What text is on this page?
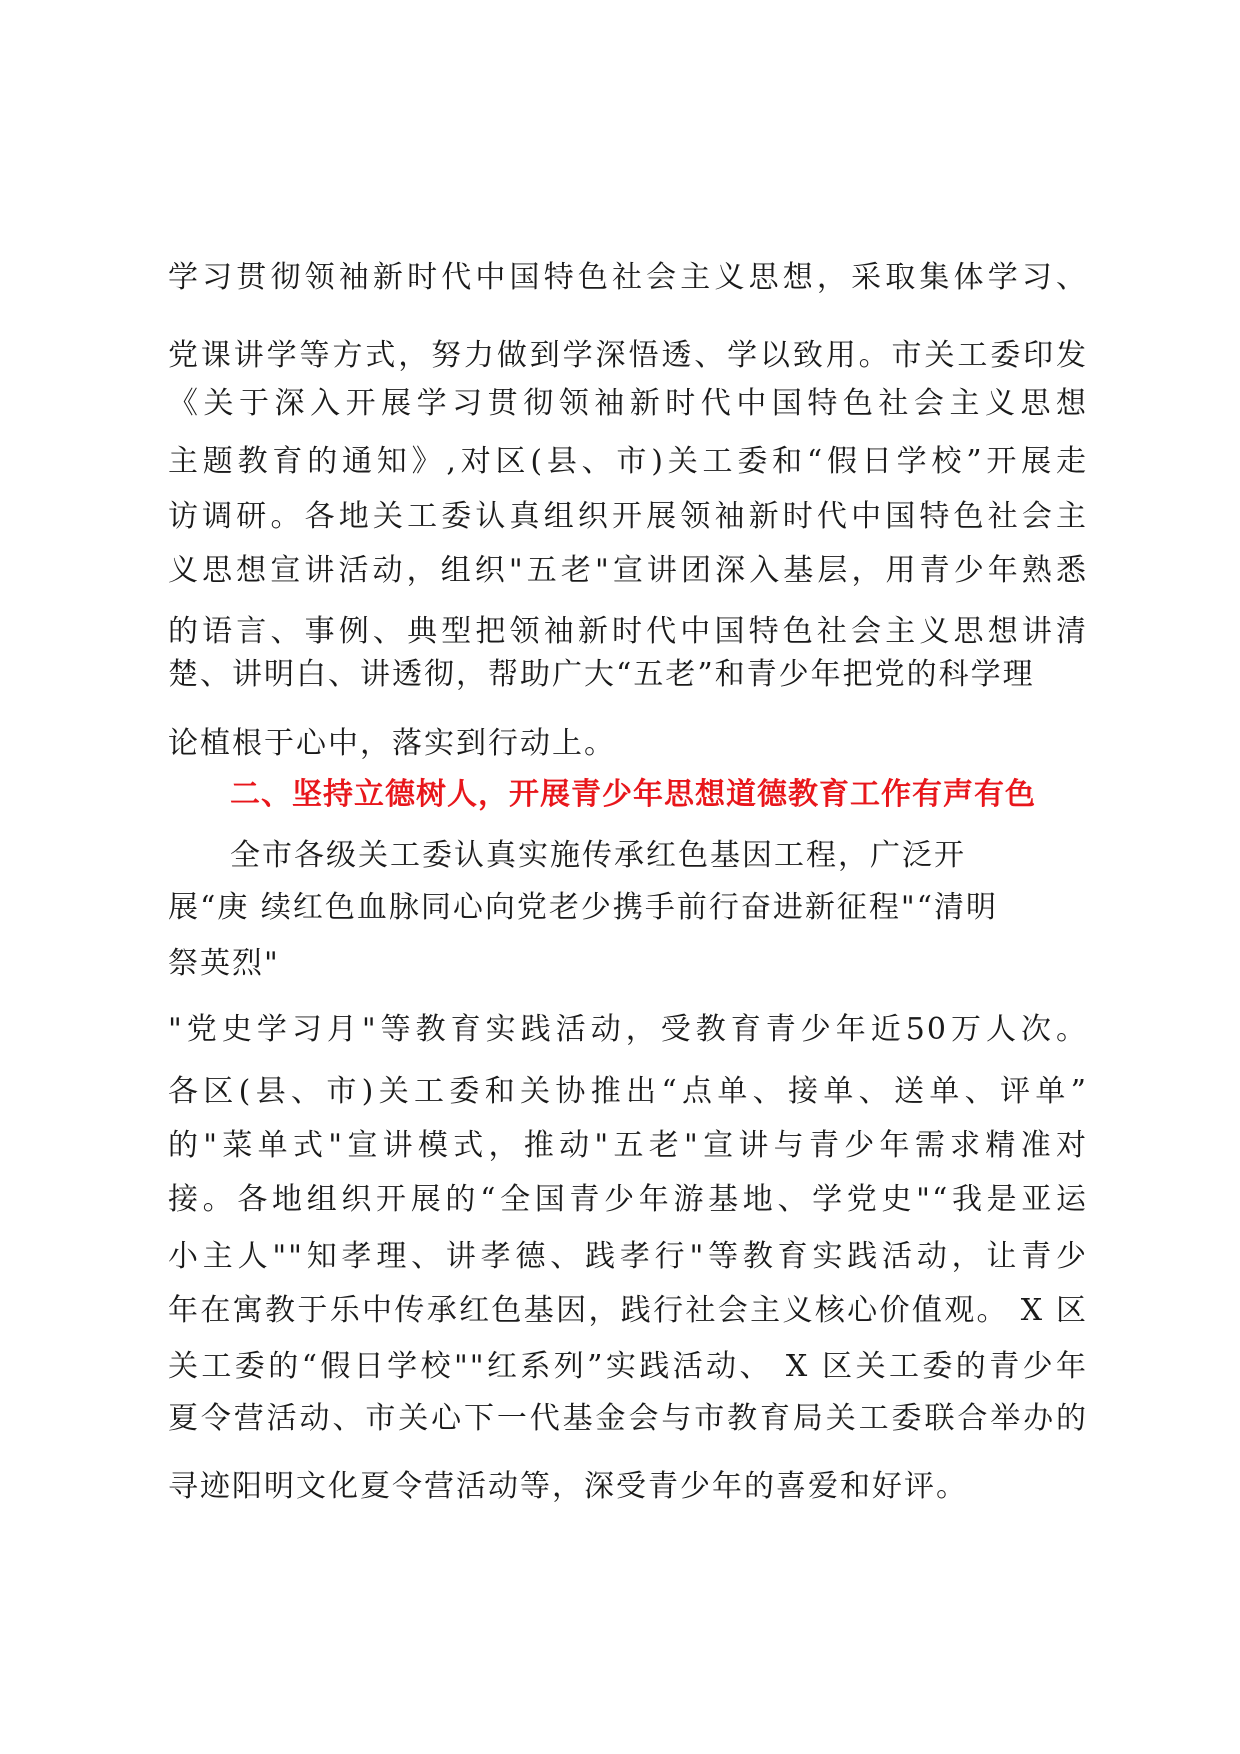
学习贯彻领袖新时代中国特色社会主义思想，采取集体学习、
党课讲学等方式，努力做到学深悟透、学以致用。市关工委印发
《关于深入开展学习贯彻领袖新时代中国特色社会主义思想
主题教育的通知》,对区(县、市)关工委和“假日学校”开展走
访调研。各地关工委认真组织开展领袖新时代中国特色社会主
义思想宣讲活动，组织"五老"宣讲团深入基层，用青少年熟悉
的语言、事例、典型把领袖新时代中国特色社会主义思想讲清
楚、讲明白、讲透彻，帮助广大“五老”和青少年把党的科学理
论植根于心中，落实到行动上。
二、坚持立德树人，开展青少年思想道德教育工作有声有色
全市各级关工委认真实施传承红色基因工程，广泛开
展“庚 续红色血脉同心向党老少携手前行奋进新征程"“清明
祭英烈"
"党史学习月"等教育实践活动，受教育青少年近50万人次。
各区(县、市)关工委和关协推出“点单、接单、送单、评单”
的"菜单式"宣讲模式，推动"五老"宣讲与青少年需求精准对
接。各地组织开展的“全国青少年游基地、学党史"“我是亚运
小主人""知孝理、讲孝德、践孝行"等教育实践活动，让青少
年在寓教于乐中传承红色基因，践行社会主义核心价值观。 X 区
关工委的“假日学校""红系列”实践活动、 X 区关工委的青少年
夏令营活动、市关心下一代基金会与市教育局关工委联合举办的
寻迹阳明文化夏令营活动等，深受青少年的喜爱和好评。
